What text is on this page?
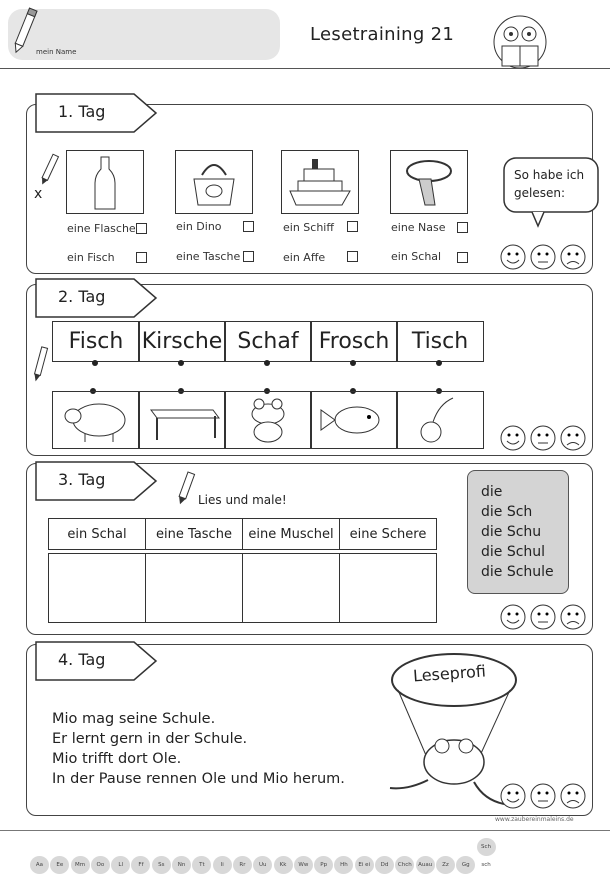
mein Name
Lesetraining 21
1. Tag
x
eine Flasche	ein Dino	ein Schiff	eine Nase
ein Fisch	eine Tasche	ein Affe	ein Schal
So habe ich gelesen:
2. Tag
Fisch Kirsche Schaf Frosch	Tisch
3. Tag
Lies und male!
ein Schal	eine Tasche	eine Muschel	eine Schere
die
die Sch
die Schu
die Schul
die Schule
4. Tag
Mio mag seine Schule.
Er lernt gern in der Schule.
Mio trifft dort Ole.
In der Pause rennen Ole und Mio herum.
Leseprofi
www.zaubereinmaleins.de
Aa Ee Mm Oo	Ll	Ff	Ss Nn Tt	Ii	Rr Uu Kk Ww Pp Hh Ei ei Dd Chch Auau Zz GgSch sch
